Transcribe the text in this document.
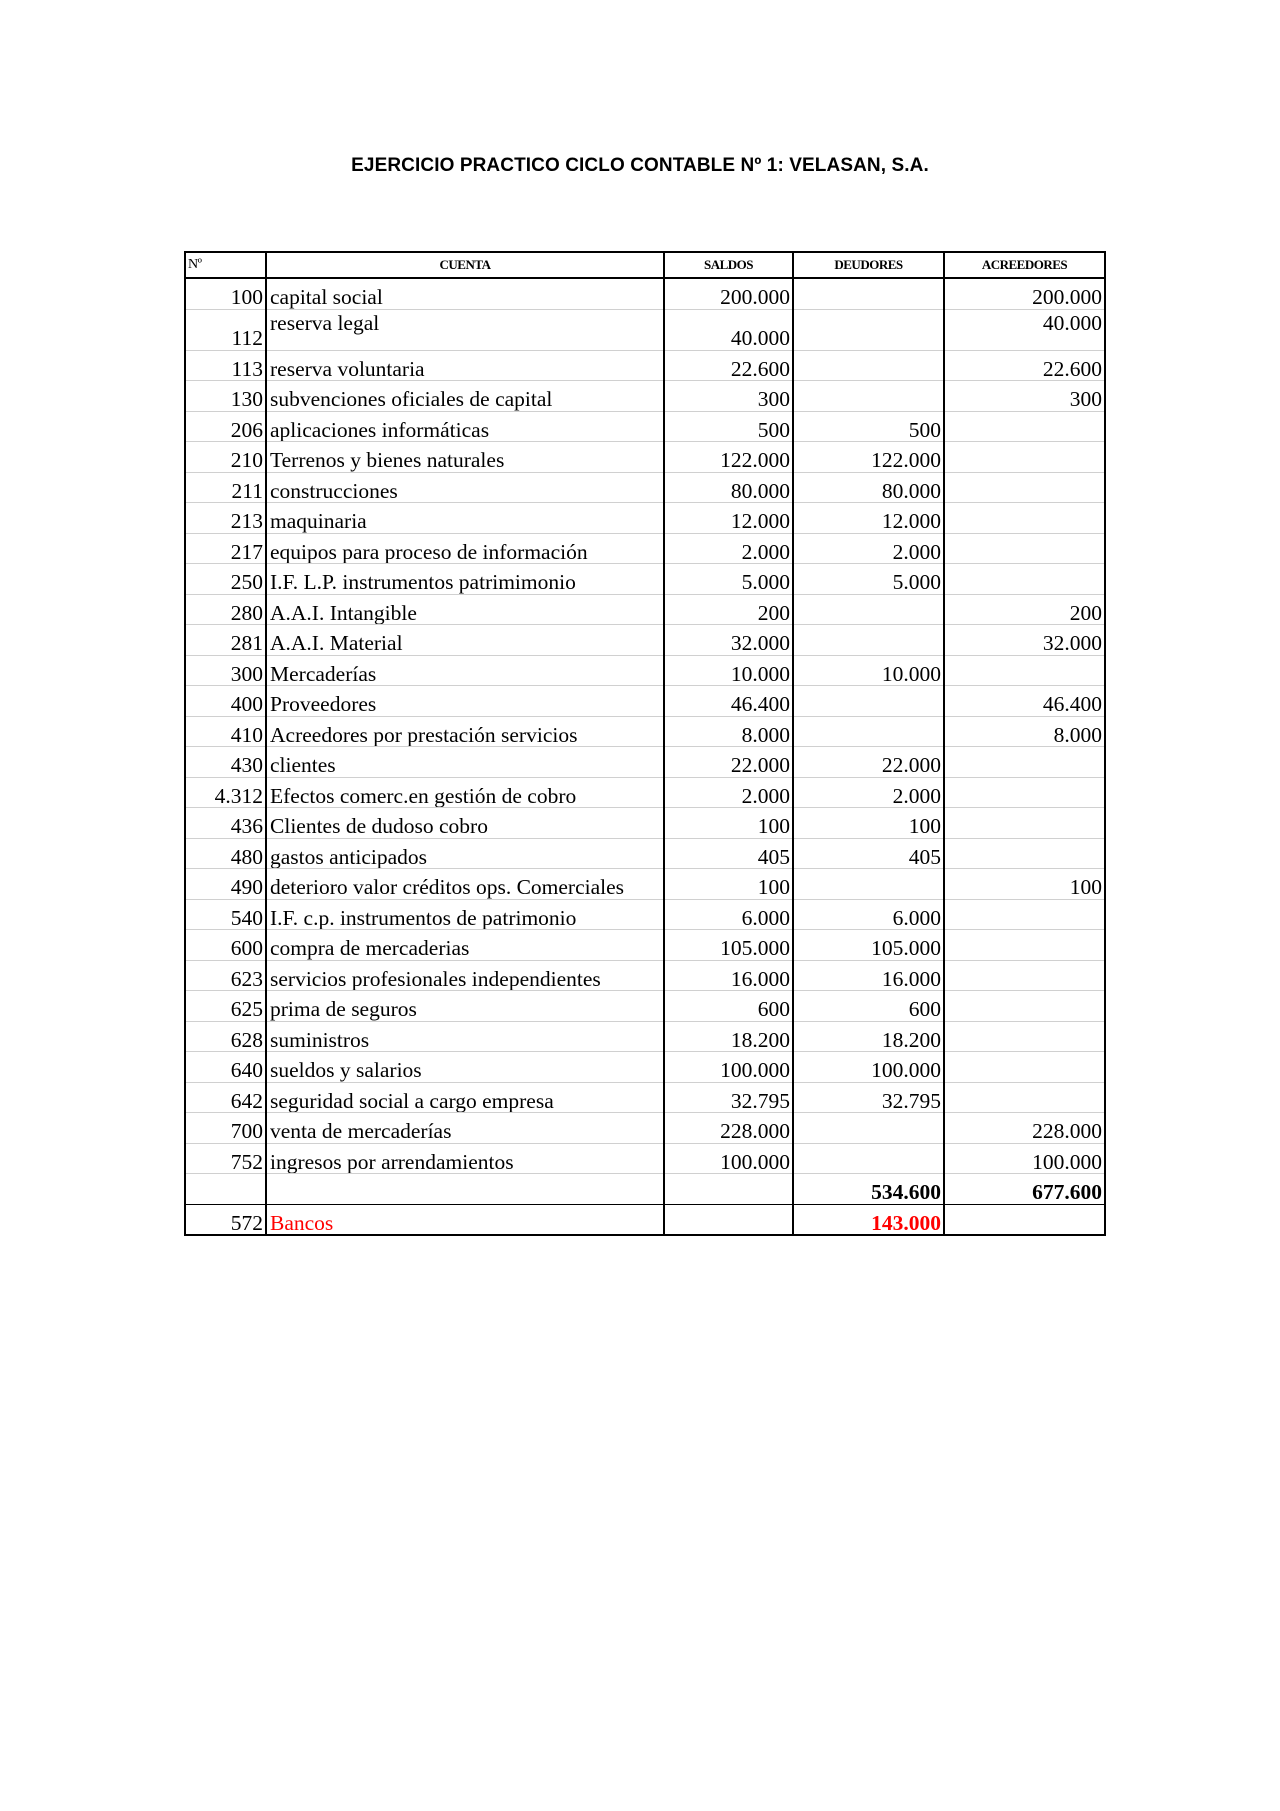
EJERCICIO PRACTICO CICLO CONTABLE Nº 1: VELASAN, S.A.
Nº	CUENTA	SALDOS	DEUDORES	ACREEDORES
100	capital social	200.000		200.000
112	reserva legal	40.000		40.000
113	reserva voluntaria	22.600		22.600
130	subvenciones oficiales de capital	300		300
206	aplicaciones informáticas	500	500	
210	Terrenos y bienes naturales	122.000	122.000	
211	construcciones	80.000	80.000	
213	maquinaria	12.000	12.000	
217	equipos para proceso de información	2.000	2.000	
250	I.F. L.P. instrumentos patrimimonio	5.000	5.000	
280	A.A.I. Intangible	200		200
281	A.A.I. Material	32.000		32.000
300	Mercaderías	10.000	10.000	
400	Proveedores	46.400		46.400
410	Acreedores por prestación servicios	8.000		8.000
430	clientes	22.000	22.000	
4.312	Efectos comerc.en gestión de cobro	2.000	2.000	
436	Clientes de dudoso cobro	100	100	
480	gastos anticipados	405	405	
490	deterioro valor créditos ops. Comerciales	100		100
540	I.F. c.p. instrumentos de patrimonio	6.000	6.000	
600	compra de mercaderias	105.000	105.000	
623	servicios profesionales independientes	16.000	16.000	
625	prima de seguros	600	600	
628	suministros	18.200	18.200	
640	sueldos y salarios	100.000	100.000	
642	seguridad social a cargo empresa	32.795	32.795	
700	venta de mercaderías	228.000		228.000
752	ingresos por arrendamientos	100.000		100.000
			534.600	677.600
572	Bancos		143.000	
